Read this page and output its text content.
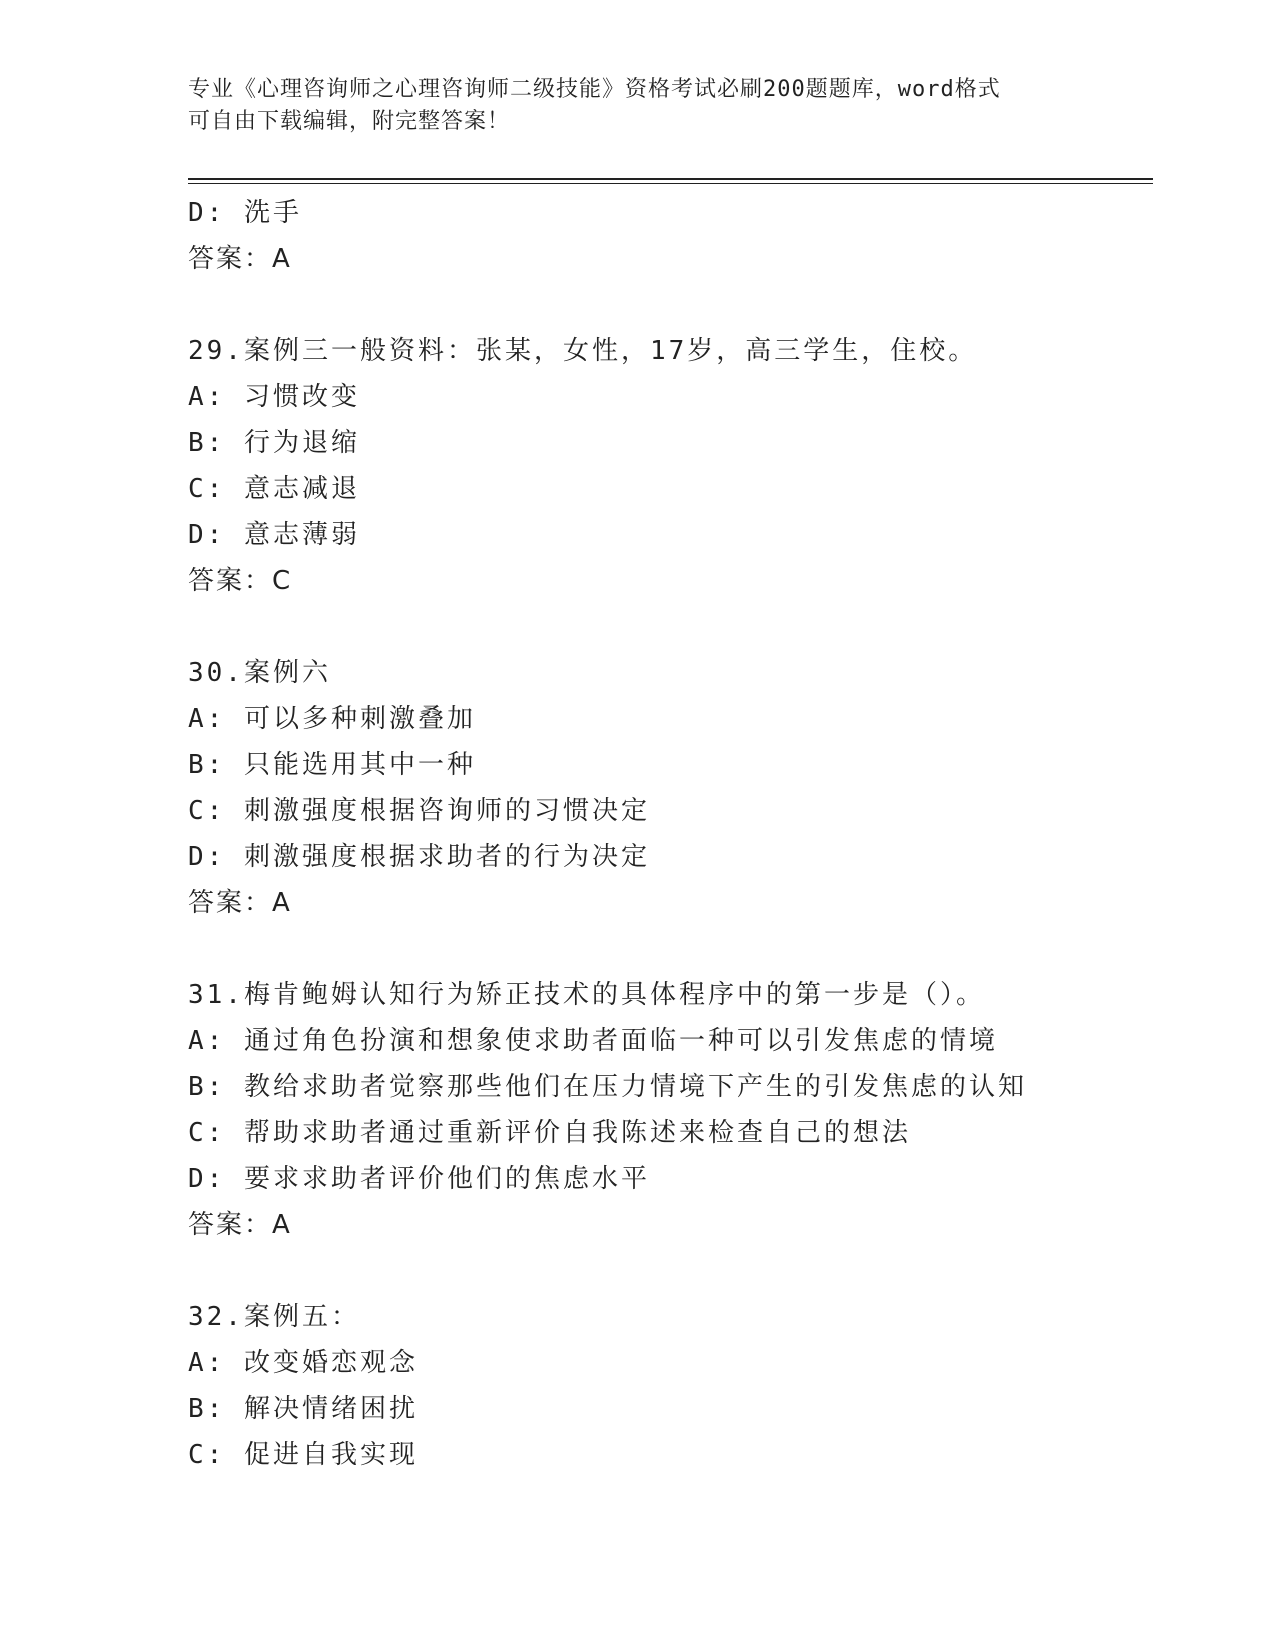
专业《心理咨询师之心理咨询师二级技能》资格考试必刷200题题库，word格式
可自由下载编辑，附完整答案！
D: 洗手
答案：A
29.案例三一般资料：张某，女性，17岁，高三学生，住校。
A: 习惯改变
B: 行为退缩
C: 意志减退
D: 意志薄弱
答案：C
30.案例六
A: 可以多种刺激叠加
B: 只能选用其中一种
C: 刺激强度根据咨询师的习惯决定
D: 刺激强度根据求助者的行为决定
答案：A
31.梅肯鲍姆认知行为矫正技术的具体程序中的第一步是（）。
A: 通过角色扮演和想象使求助者面临一种可以引发焦虑的情境
B: 教给求助者觉察那些他们在压力情境下产生的引发焦虑的认知
C: 帮助求助者通过重新评价自我陈述来检查自己的想法
D: 要求求助者评价他们的焦虑水平
答案：A
32.案例五：
A: 改变婚恋观念
B: 解决情绪困扰
C: 促进自我实现
